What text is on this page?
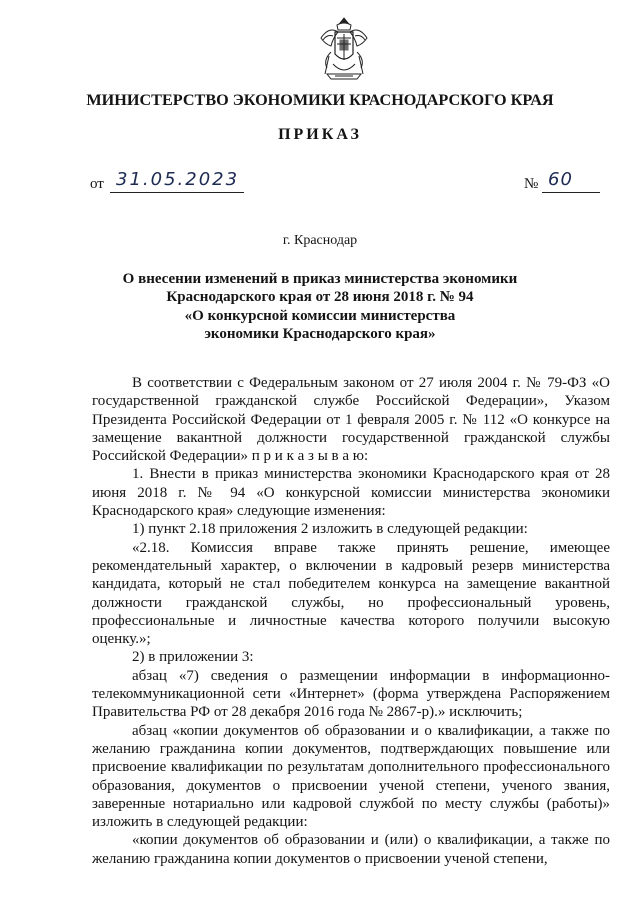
МИНИСТЕРСТВО ЭКОНОМИКИ КРАСНОДАРСКОГО КРАЯ
ПРИКАЗ
от 31.05.2023	№ 60
г. Краснодар
О внесении изменений в приказ министерства экономики
Краснодарского края от 28 июня 2018 г. № 94
«О конкурсной комиссии министерства
экономики Краснодарского края»

В соответствии с Федеральным законом от 27 июля 2004 г. № 79-ФЗ «О государственной гражданской службе Российской Федерации», Указом Президента Российской Федерации от 1 февраля 2005 г. № 112 «О конкурсе на замещение вакантной должности государственной гражданской службы Российской Федерации» п р и к а з ы в а ю:

1. Внести в приказ министерства экономики Краснодарского края от 28 июня 2018 г. № 94 «О конкурсной комиссии министерства экономики Краснодарского края» следующие изменения:

1) пункт 2.18 приложения 2 изложить в следующей редакции:

«2.18. Комиссия вправе также принять решение, имеющее рекомендательный характер, о включении в кадровый резерв министерства кандидата, который не стал победителем конкурса на замещение вакантной должности гражданской службы, но профессиональный уровень, профессиональные и личностные качества которого получили высокую оценку.»;

2) в приложении 3:

абзац «7) сведения о размещении информации в информационно-телекоммуникационной сети «Интернет» (форма утверждена Распоряжением Правительства РФ от 28 декабря 2016 года № 2867-р).» исключить;

абзац «копии документов об образовании и о квалификации, а также по желанию гражданина копии документов, подтверждающих повышение или присвоение квалификации по результатам дополнительного профессионального образования, документов о присвоении ученой степени, ученого звания, заверенные нотариально или кадровой службой по месту службы (работы)» изложить в следующей редакции:

«копии документов об образовании и (или) о квалификации, а также по желанию гражданина копии документов о присвоении ученой степени,
